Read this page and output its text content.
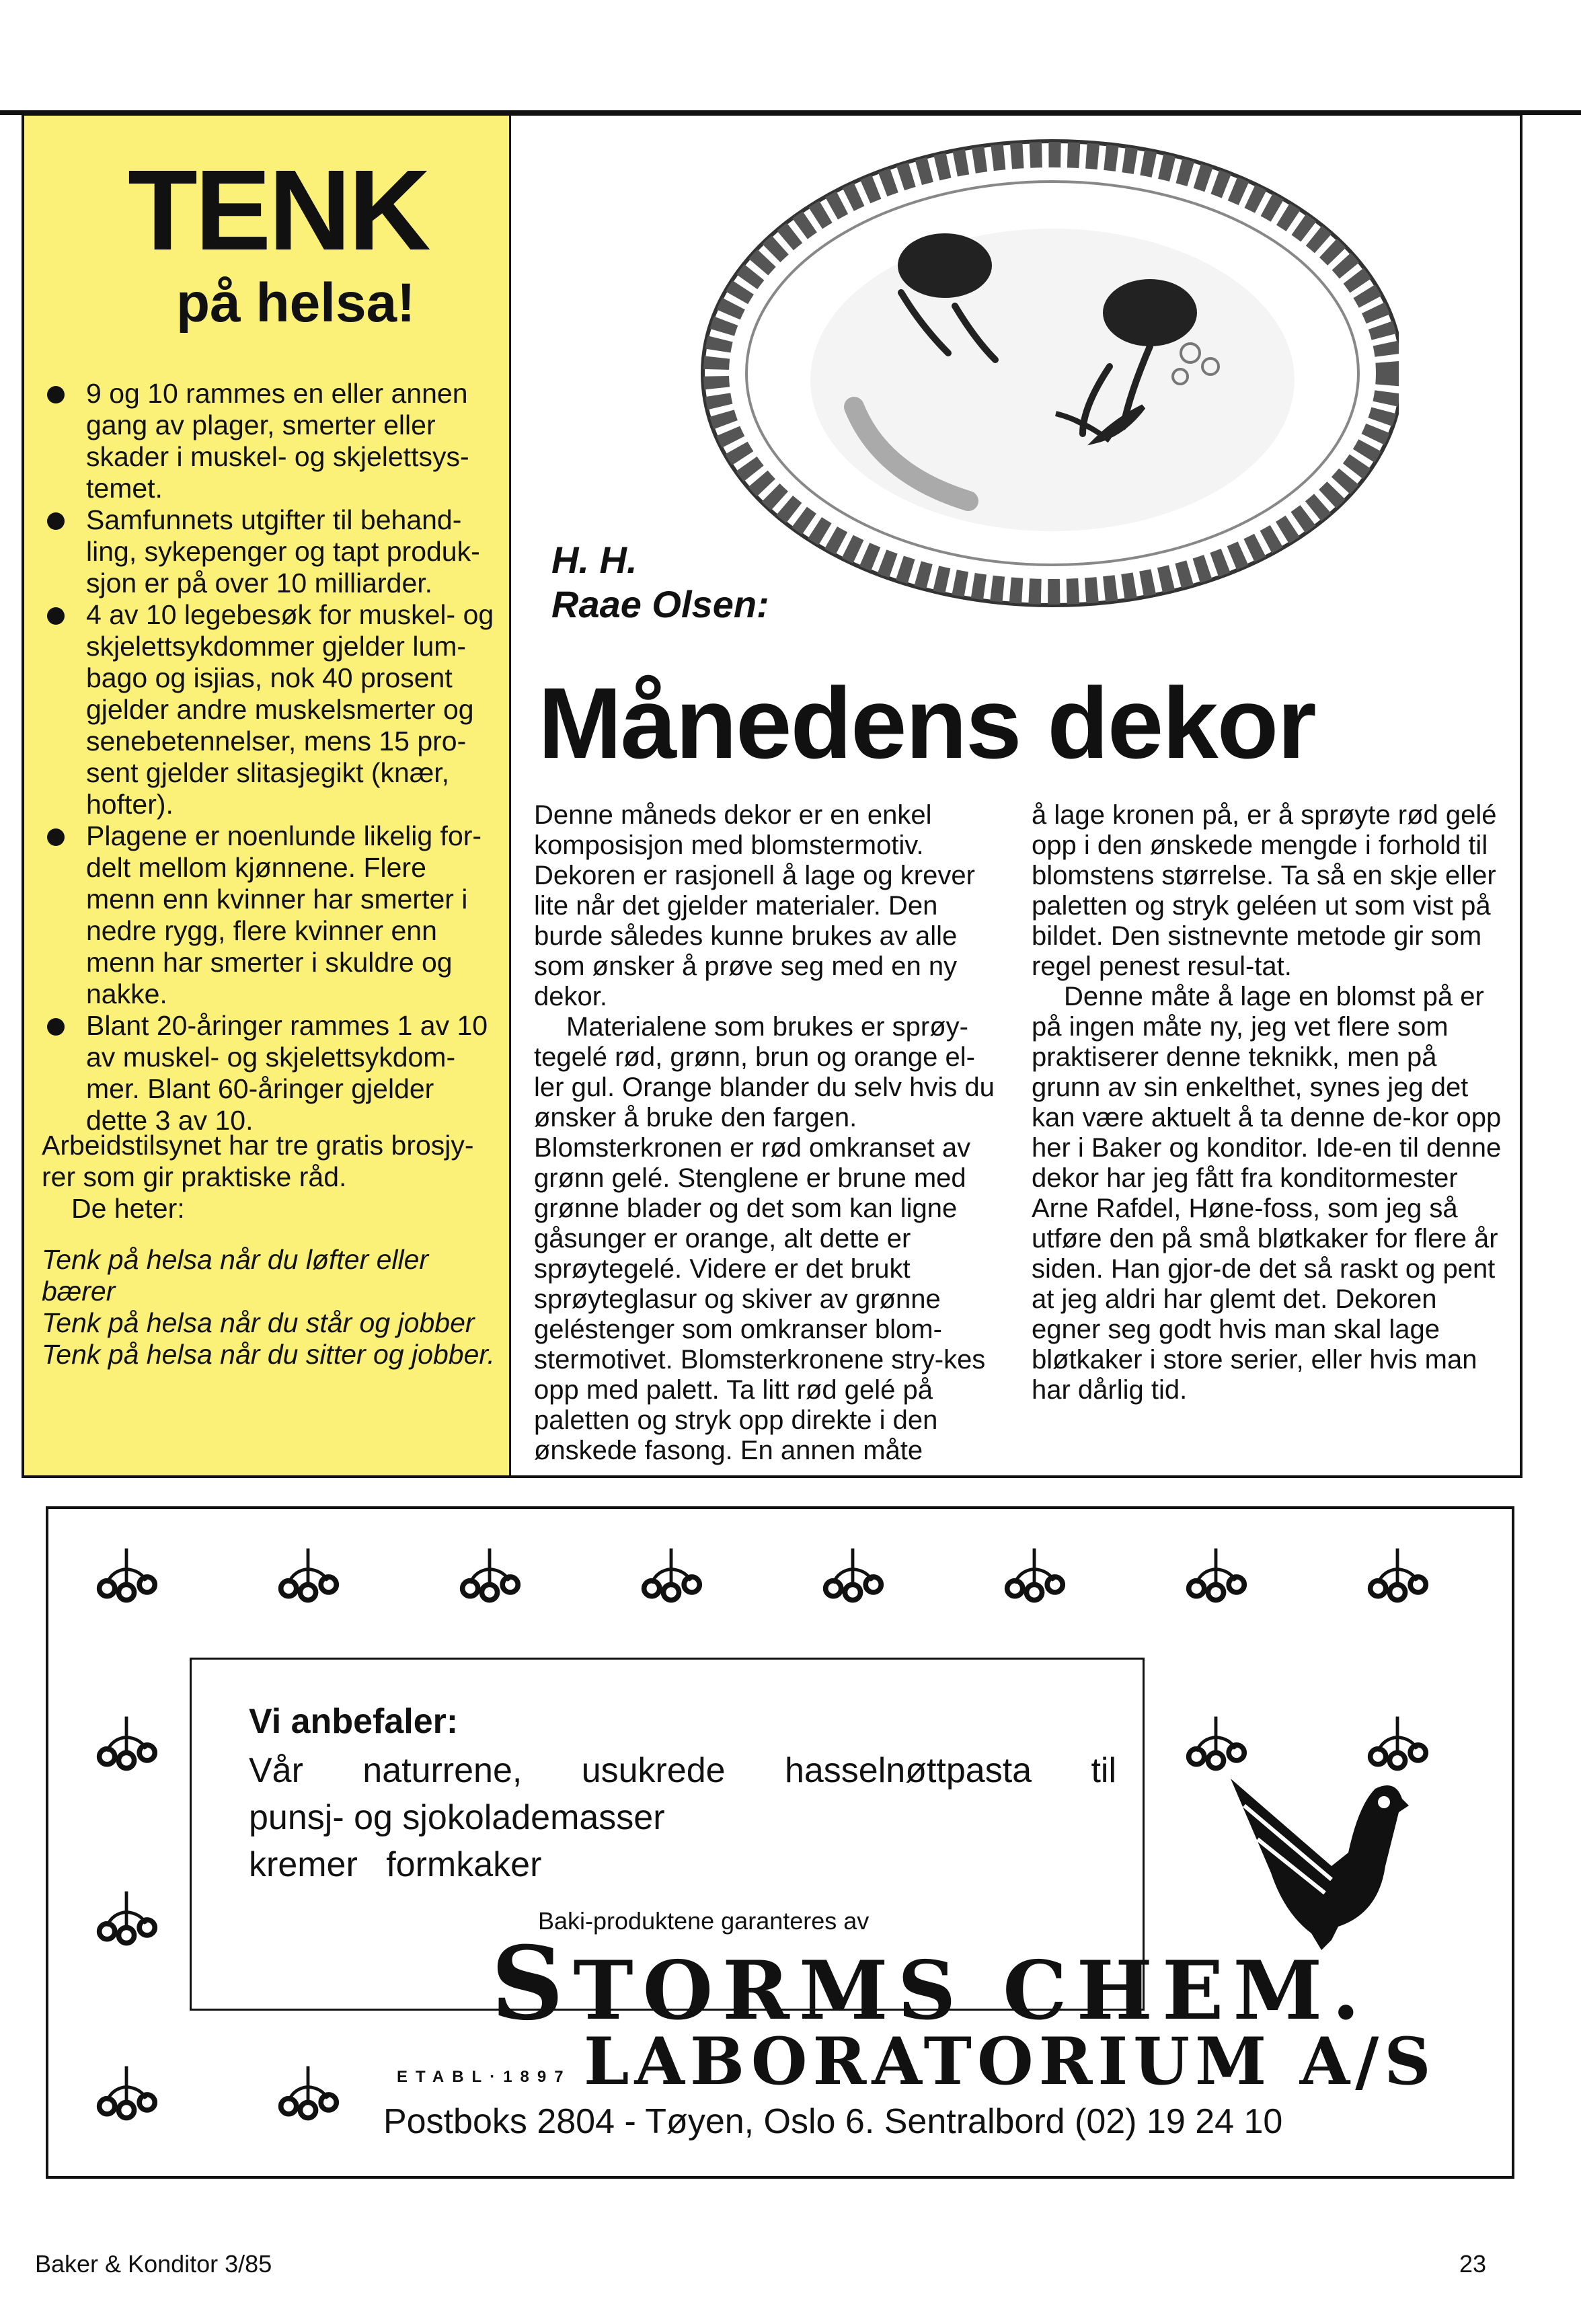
TENK
på helsa!
9 og 10 rammes en eller annen gang av plager, smerter eller skader i muskel- og skjelettsys-temet.
Samfunnets utgifter til behand-ling, sykepenger og tapt produk-sjon er på over 10 milliarder.
4 av 10 legebesøk for muskel- og skjelettsykdommer gjelder lum-bago og isjias, nok 40 prosent gjelder andre muskelsmerter og senebetennelser, mens 15 pro-sent gjelder slitasjegikt (knær, hofter).
Plagene er noenlunde likelig for-delt mellom kjønnene. Flere menn enn kvinner har smerter i nedre rygg, flere kvinner enn menn har smerter i skuldre og nakke.
Blant 20-åringer rammes 1 av 10 av muskel- og skjelettsykdom-mer. Blant 60-åringer gjelder dette 3 av 10.
Arbeidstilsynet har tre gratis brosjy-rer som gir praktiske råd.
De heter:
Tenk på helsa når du løfter eller bærer
Tenk på helsa når du står og jobber
Tenk på helsa når du sitter og jobber.
H. H.
Raae Olsen:
Månedens dekor

Denne måneds dekor er en enkel komposisjon med blomstermotiv. Dekoren er rasjonell å lage og krever lite når det gjelder materialer. Den burde således kunne brukes av alle som ønsker å prøve seg med en ny dekor.

Materialene som brukes er sprøy-tegelé rød, grønn, brun og orange el-ler gul. Orange blander du selv hvis du ønsker å bruke den fargen. Blomsterkronen er rød omkranset av grønn gelé. Stenglene er brune med grønne blader og det som kan ligne gåsunger er orange, alt dette er sprøytegelé. Videre er det brukt sprøyteglasur og skiver av grønne geléstenger som omkranser blom-stermotivet. Blomsterkronene stry-kes opp med palett. Ta litt rød gelé på paletten og stryk opp direkte i den ønskede fasong. En annen måte

å lage kronen på, er å sprøyte rød gelé opp i den ønskede mengde i forhold til blomstens størrelse. Ta så en skje eller paletten og stryk geléen ut som vist på bildet. Den sistnevnte metode gir som regel penest resul-tat.

Denne måte å lage en blomst på er på ingen måte ny, jeg vet flere som praktiserer denne teknikk, men på grunn av sin enkelthet, synes jeg det kan være aktuelt å ta denne de-kor opp her i Baker og konditor. Ide-en til denne dekor har jeg fått fra konditormester Arne Rafdel, Høne-foss, som jeg så utføre den på små bløtkaker for flere år siden. Han gjor-de det så raskt og pent at jeg aldri har glemt det. Dekoren egner seg godt hvis man skal lage bløtkaker i store serier, eller hvis man har dårlig tid.

Vi anbefaler:
Vår naturrene, usukrede hasselnøttpasta til
punsj- og sjokolademasser
kremer formkaker
Baki-produktene garanteres av
STORMS CHEM.
ETABL·1897 LABORATORIUM A/S
Postboks 2804 - Tøyen, Oslo 6. Sentralbord (02) 19 24 10
Baker & Konditor 3/85	23
